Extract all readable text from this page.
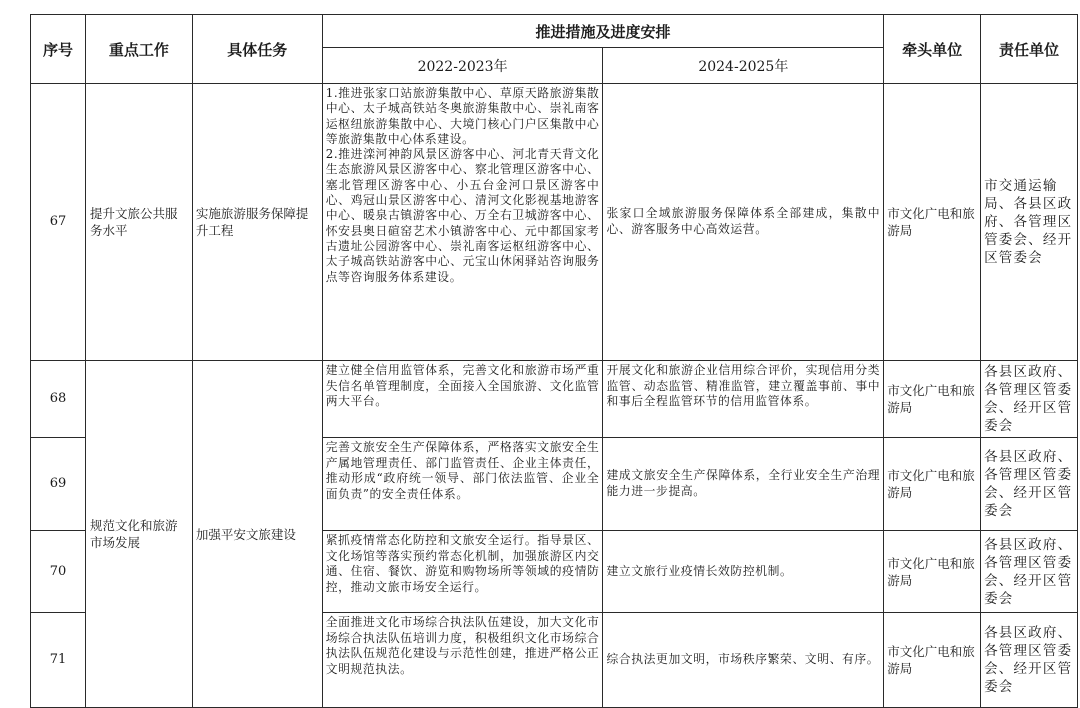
序号	重点工作	具体任务	推进措施及进度安排		牵头单位	责任单位
			2022-2023年	2024-2025年		
67	提升文旅公共服务水平	实施旅游服务保障提升工程	1.推进张家口站旅游集散中心、草原天路旅游集散中心、太子城高铁站冬奥旅游集散中心、崇礼南客运枢纽旅游集散中心、大境门核心门户区集散中心等旅游集散中心体系建设。
2.推进滦河神韵风景区游客中心、河北青天背文化生态旅游风景区游客中心、察北管理区游客中心、塞北管理区游客中心、小五台金河口景区游客中心、鸡冠山景区游客中心、清河文化影视基地游客中心、暖泉古镇游客中心、万全右卫城游客中心、怀安县奥日碹窑艺术小镇游客中心、元中都国家考古遗址公园游客中心、崇礼南客运枢纽游客中心、太子城高铁站游客中心、元宝山休闲驿站咨询服务点等咨询服务体系建设。	张家口全域旅游服务保障体系全部建成，集散中心、游客服务中心高效运营。	市文化广电和旅游局	市交通运输局、各县区政府、各管理区管委会、经开区管委会
68	规范文化和旅游市场发展	加强平安文旅建设	建立健全信用监管体系，完善文化和旅游市场严重失信名单管理制度，全面接入全国旅游、文化监管两大平台。	开展文化和旅游企业信用综合评价，实现信用分类监管、动态监管、精准监管，建立覆盖事前、事中和事后全程监管环节的信用监管体系。	市文化广电和旅游局	各县区政府、各管理区管委会、经开区管委会
69			完善文旅安全生产保障体系，严格落实文旅安全生产属地管理责任、部门监管责任、企业主体责任，推动形成“政府统一领导、部门依法监管、企业全面负责”的安全责任体系。	建成文旅安全生产保障体系，全行业安全生产治理能力进一步提高。	市文化广电和旅游局	各县区政府、各管理区管委会、经开区管委会
70			紧抓疫情常态化防控和文旅安全运行。指导景区、文化场馆等落实预约常态化机制，加强旅游区内交通、住宿、餐饮、游览和购物场所等领域的疫情防控，推动文旅市场安全运行。	建立文旅行业疫情长效防控机制。	市文化广电和旅游局	各县区政府、各管理区管委会、经开区管委会
71			全面推进文化市场综合执法队伍建设，加大文化市场综合执法队伍培训力度，积极组织文化市场综合执法队伍规范化建设与示范性创建，推进严格公正文明规范执法。	综合执法更加文明，市场秩序繁荣、文明、有序。	市文化广电和旅游局	各县区政府、各管理区管委会、经开区管委会
